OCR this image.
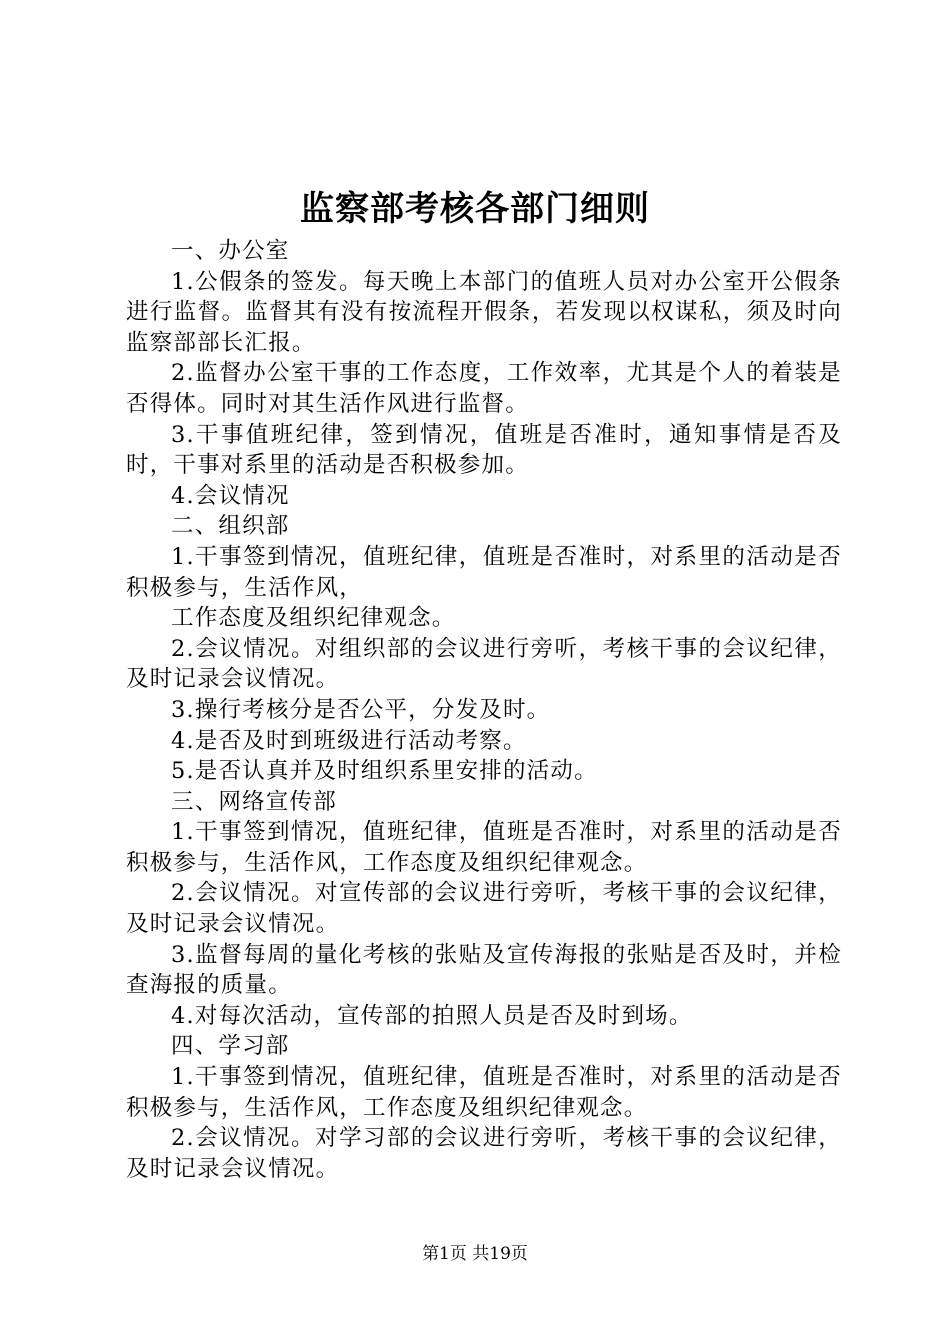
监察部考核各部门细则

一、办公室

1.公假条的签发。每天晚上本部门的值班人员对办公室开公假条进行监督。监督其有没有按流程开假条，若发现以权谋私，须及时向监察部部长汇报。

2.监督办公室干事的工作态度，工作效率，尤其是个人的着装是否得体。同时对其生活作风进行监督。

3.干事值班纪律，签到情况，值班是否准时，通知事情是否及时，干事对系里的活动是否积极参加。

4.会议情况

二、组织部

1.干事签到情况，值班纪律，值班是否准时，对系里的活动是否积极参与，生活作风，

工作态度及组织纪律观念。

2.会议情况。对组织部的会议进行旁听，考核干事的会议纪律，及时记录会议情况。

3.操行考核分是否公平，分发及时。

4.是否及时到班级进行活动考察。

5.是否认真并及时组织系里安排的活动。

三、网络宣传部

1.干事签到情况，值班纪律，值班是否准时，对系里的活动是否积极参与，生活作风，工作态度及组织纪律观念。

2.会议情况。对宣传部的会议进行旁听，考核干事的会议纪律，及时记录会议情况。

3.监督每周的量化考核的张贴及宣传海报的张贴是否及时，并检查海报的质量。

4.对每次活动，宣传部的拍照人员是否及时到场。

四、学习部

1.干事签到情况，值班纪律，值班是否准时，对系里的活动是否积极参与，生活作风，工作态度及组织纪律观念。

2.会议情况。对学习部的会议进行旁听，考核干事的会议纪律，及时记录会议情况。

第1页 共19页
